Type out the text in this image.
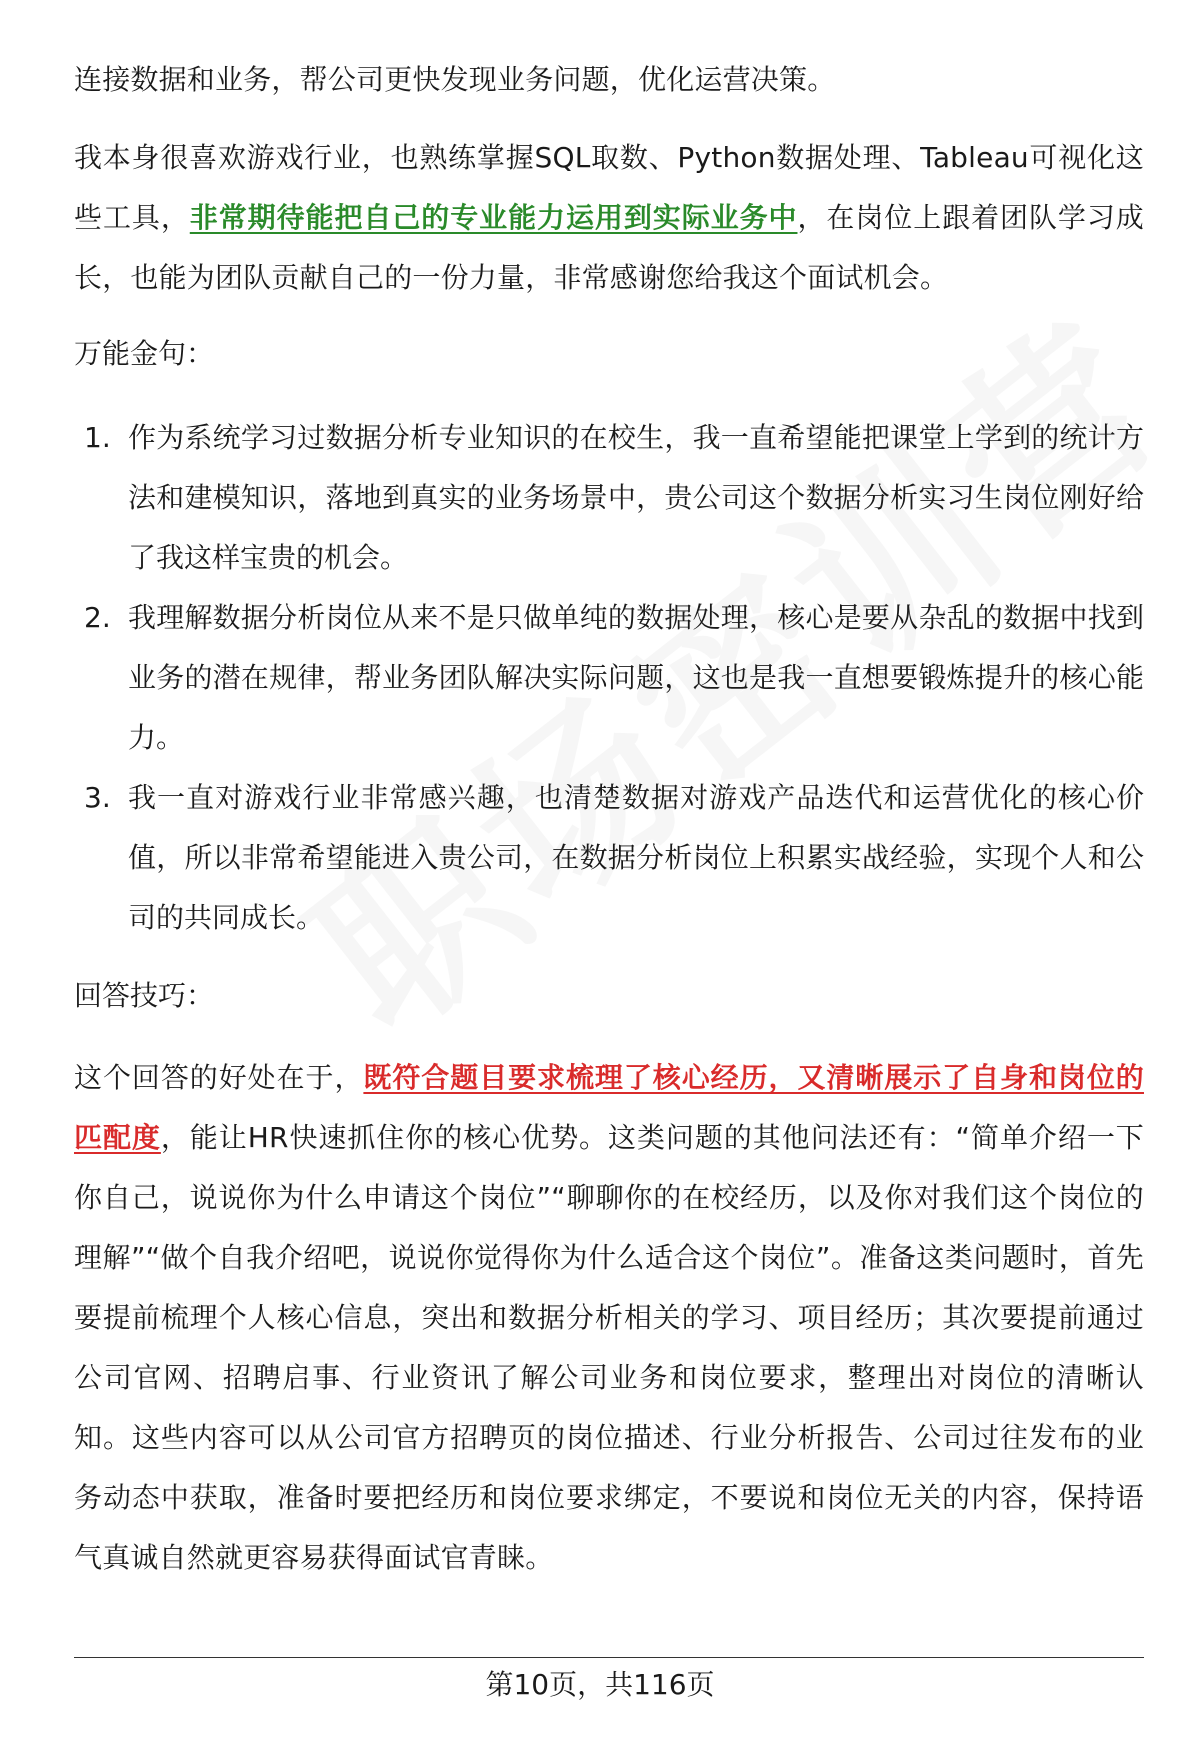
连接数据和业务，帮公司更快发现业务问题，优化运营决策。

我本身很喜欢游戏行业，也熟练掌握SQL取数、Python数据处理、Tableau可视化这些工具，非常期待能把自己的专业能力运用到实际业务中，在岗位上跟着团队学习成长，也能为团队贡献自己的一份力量，非常感谢您给我这个面试机会。

万能金句：

1. 作为系统学习过数据分析专业知识的在校生，我一直希望能把课堂上学到的统计方法和建模知识，落地到真实的业务场景中，贵公司这个数据分析实习生岗位刚好给了我这样宝贵的机会。
2. 我理解数据分析岗位从来不是只做单纯的数据处理，核心是要从杂乱的数据中找到业务的潜在规律，帮业务团队解决实际问题，这也是我一直想要锻炼提升的核心能力。
3. 我一直对游戏行业非常感兴趣，也清楚数据对游戏产品迭代和运营优化的核心价值，所以非常希望能进入贵公司，在数据分析岗位上积累实战经验，实现个人和公司的共同成长。

回答技巧：

这个回答的好处在于，既符合题目要求梳理了核心经历，又清晰展示了自身和岗位的匹配度，能让HR快速抓住你的核心优势。这类问题的其他问法还有：“简单介绍一下你自己，说说你为什么申请这个岗位”“聊聊你的在校经历，以及你对我们这个岗位的理解”“做个自我介绍吧，说说你觉得你为什么适合这个岗位”。准备这类问题时，首先要提前梳理个人核心信息，突出和数据分析相关的学习、项目经历；其次要提前通过公司官网、招聘启事、行业资讯了解公司业务和岗位要求，整理出对岗位的清晰认知。这些内容可以从公司官方招聘页的岗位描述、行业分析报告、公司过往发布的业务动态中获取，准备时要把经历和岗位要求绑定，不要说和岗位无关的内容，保持语气真诚自然就更容易获得面试官青睐。

第10页，共116页
